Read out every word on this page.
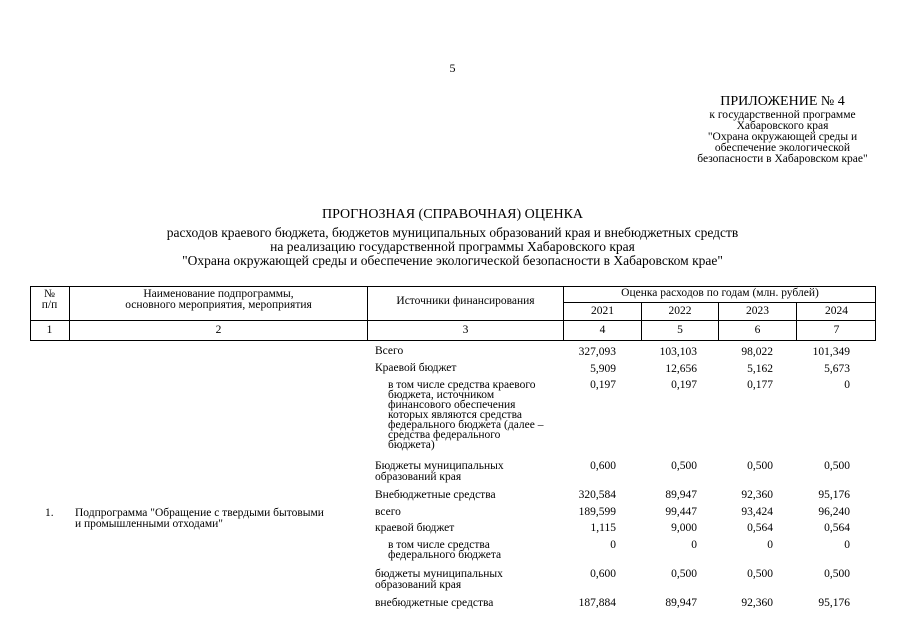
5
ПРИЛОЖЕНИЕ № 4
к государственной программе
Хабаровского края
"Охрана окружающей среды и
обеспечение экологической
безопасности в Хабаровском крае"
ПРОГНОЗНАЯ (СПРАВОЧНАЯ) ОЦЕНКА
расходов краевого бюджета, бюджетов муниципальных образований края и внебюджетных средств
на реализацию государственной программы Хабаровского края
"Охрана окружающей среды и обеспечение экологической безопасности в Хабаровском крае"
№
п/п
Наименование подпрограммы,
основного мероприятия, мероприятия	Источники финансирования
Оценка расходов по годам (млн. рублей)
2021	2022	2023	2024
1	2	3	4	5	6	7
1. Подпрограмма "Обращение с твердыми бытовыми
и промышленными отходами"
Всего	327,093	103,103	98,022	101,349
Краевой бюджет	5,909	12,656	5,162	5,673
в том числе средства краевого
бюджета, источником
финансового обеспечения
которых являются средства
федерального бюджета (далее –
средства федерального
бюджета)
0,197	0,197	0,177	0
Бюджеты муниципальных
образований края
0,600	0,500	0,500	0,500
Внебюджетные средства	320,584	89,947	92,360	95,176
всего	189,599	99,447	93,424	96,240
краевой бюджет	1,115	9,000	0,564	0,564
в том числе средства
федерального бюджета
0	0	0	0
бюджеты муниципальных
образований края
0,600	0,500	0,500	0,500
внебюджетные средства	187,884	89,947	92,360	95,176
